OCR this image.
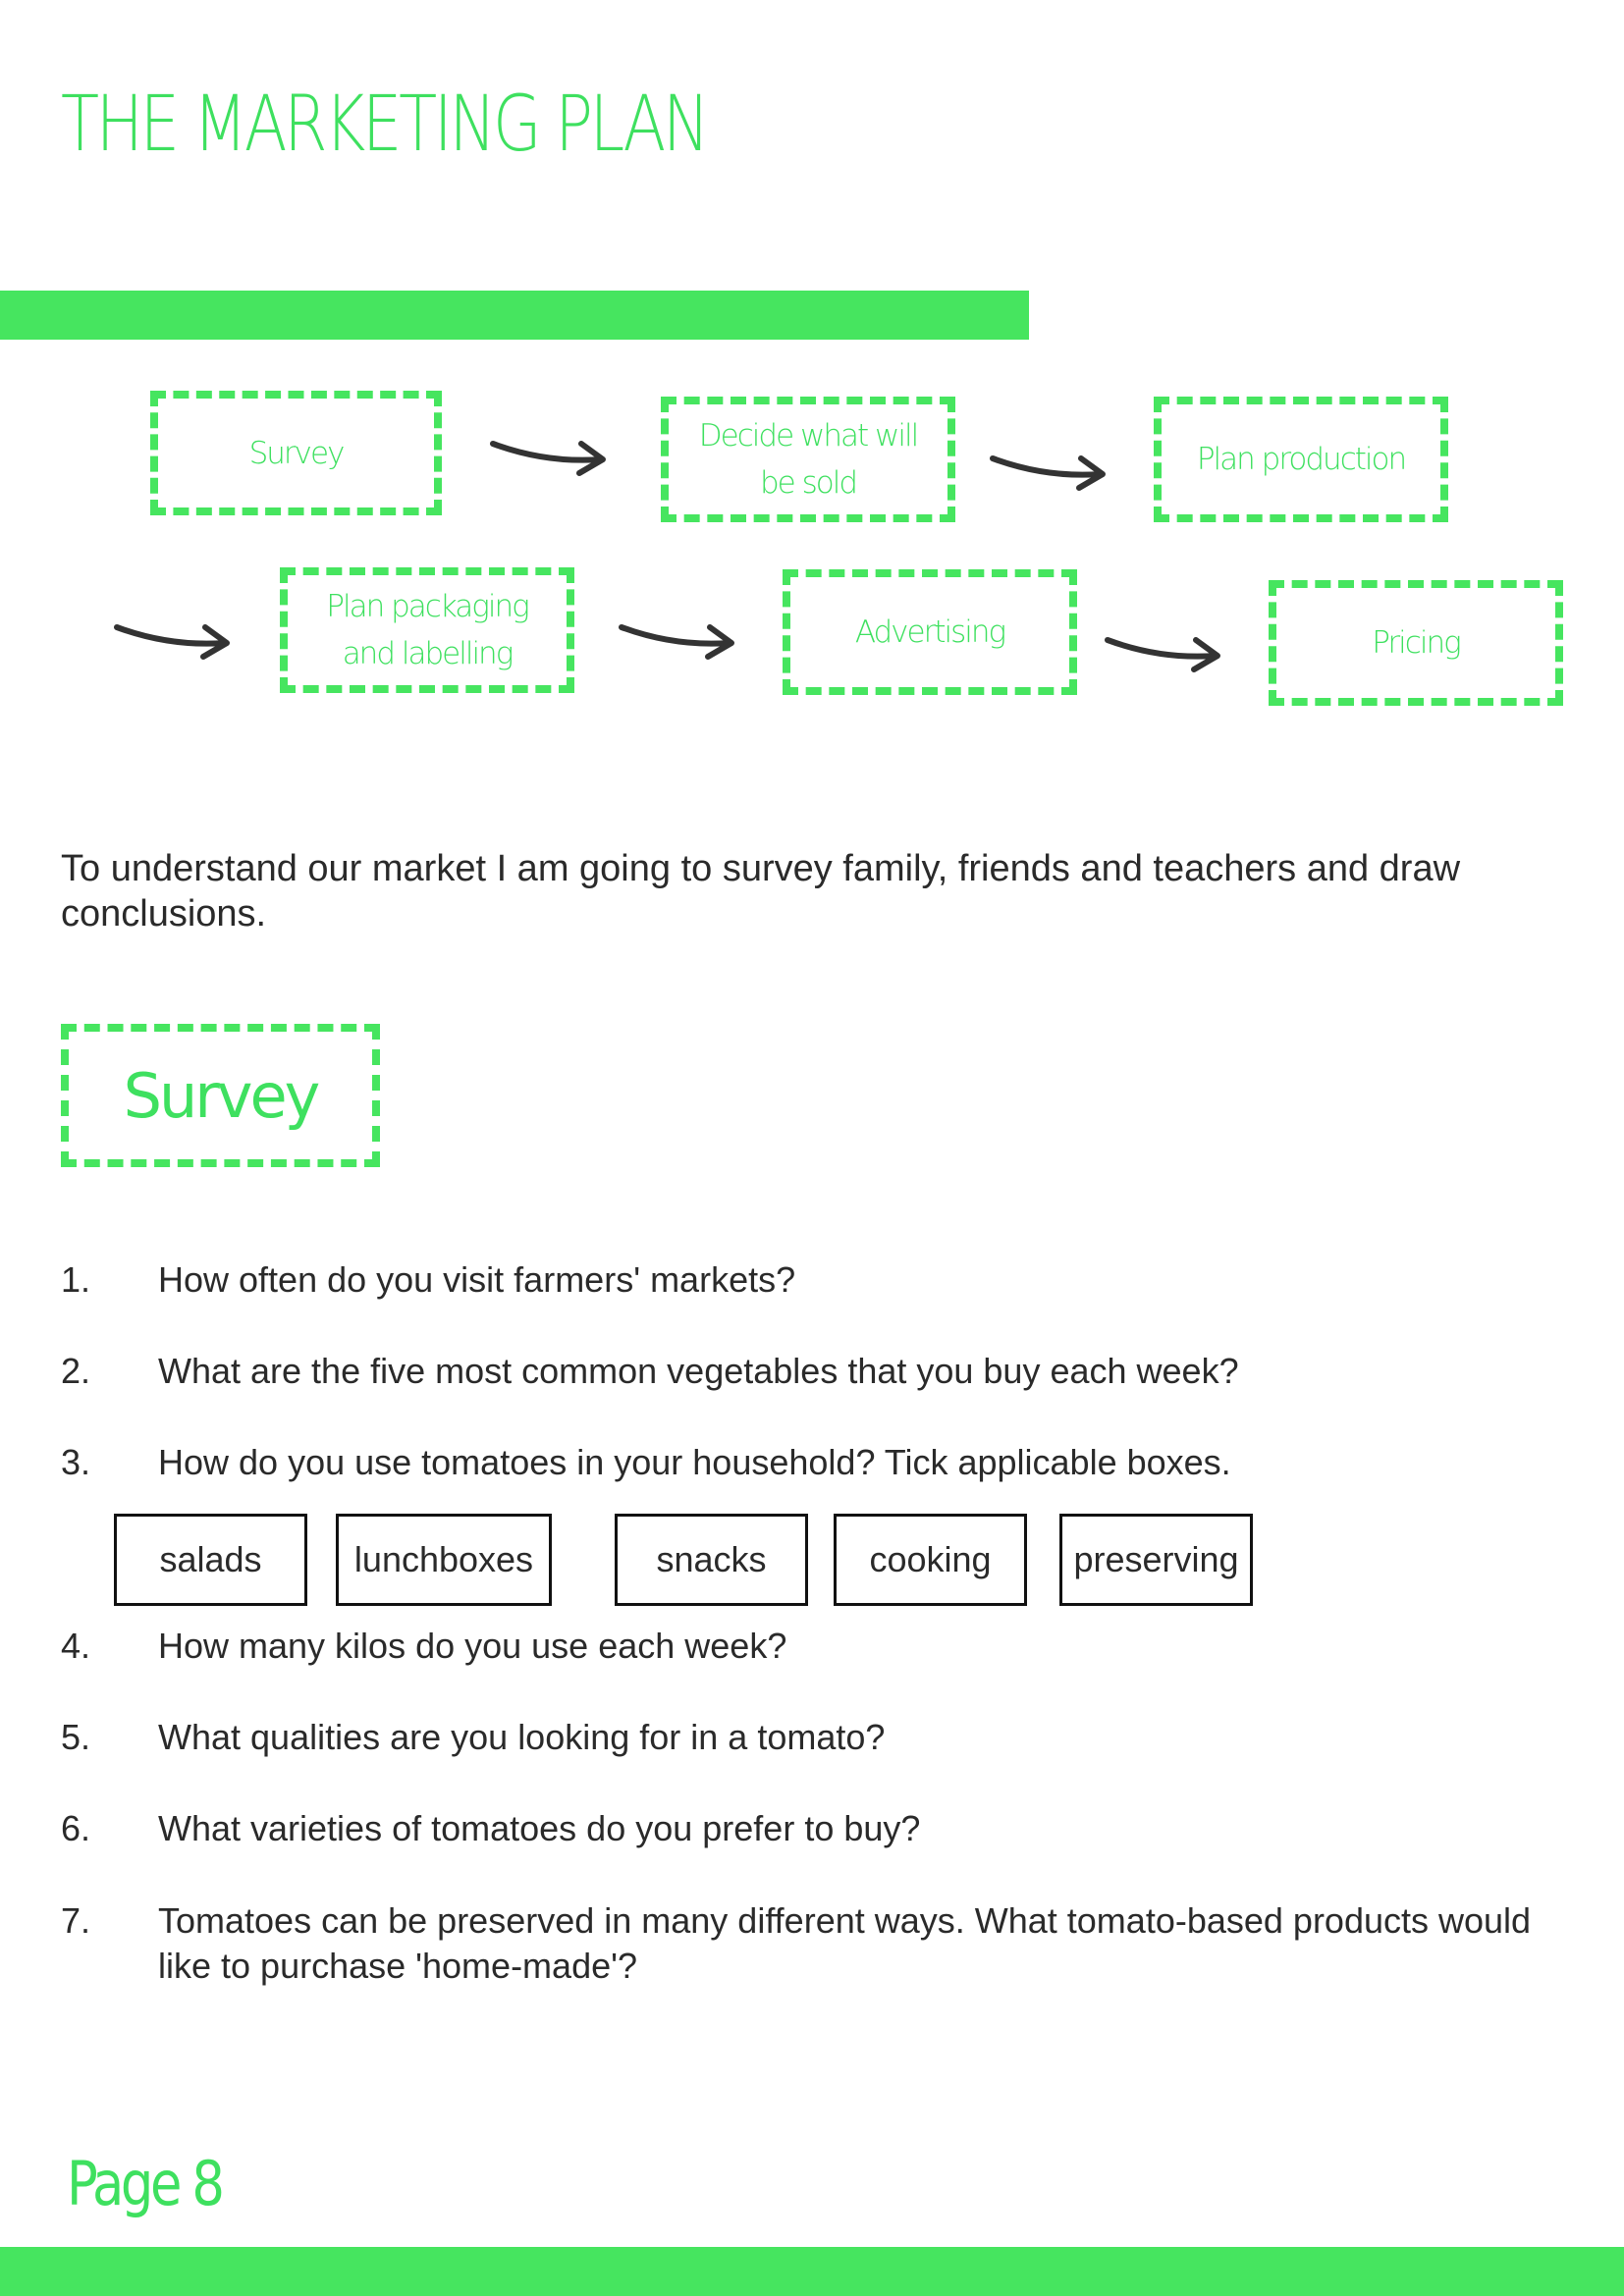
THE MARKETING PLAN
Survey	Decide what will be sold
Plan production
Plan packaging and labelling
Advertising	Pricing
To understand our market I am going to survey family, friends and teachers and draw conclusions.
Survey
1. How often do you visit farmers' markets?
2. What are the five most common vegetables that you buy each week?
3. How do you use tomatoes in your household? Tick applicable boxes.
salads	lunchboxes	snacks	cooking	preserving
4. How many kilos do you use each week?
5. What qualities are you looking for in a tomato?
6. What varieties of tomatoes do you prefer to buy?
7. Tomatoes can be preserved in many different ways. What tomato-based products would like to purchase 'home-made'?
Page 8
